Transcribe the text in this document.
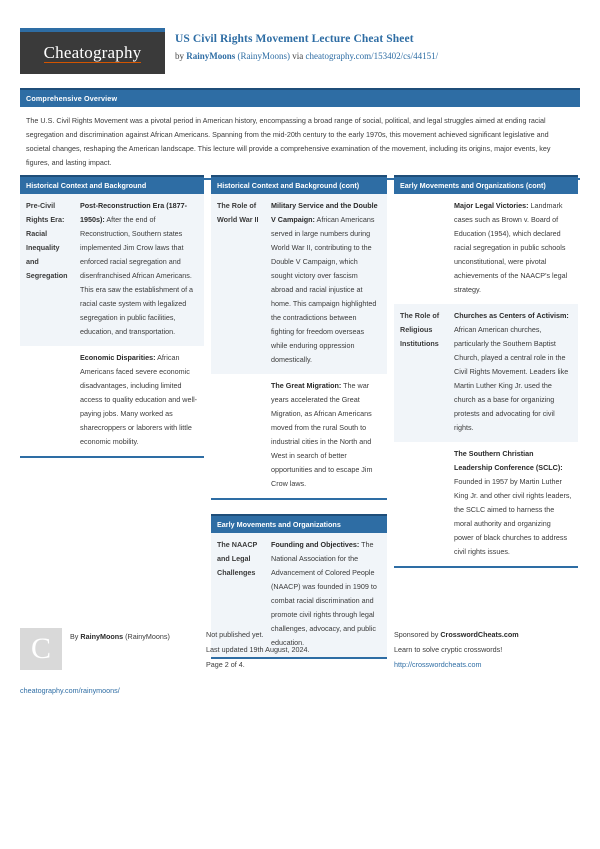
Cheatography
US Civil Rights Movement Lecture Cheat Sheet
by RainyMoons (RainyMoons) via cheatography.com/153402/cs/44151/
Comprehensive Overview
The U.S. Civil Rights Movement was a pivotal period in American history, encompassing a broad range of social, political, and legal struggles aimed at ending racial segregation and discrimination against African Americans. Spanning from the mid-20th century to the early 1970s, this movement achieved significant legislative and societal changes, reshaping the American landscape. This lecture will provide a comprehensive examination of the movement, including its origins, major events, key figures, and lasting impact.
Historical Context and Background
Pre-Civil Rights Era: Racial Inequality and Segregation
Post-Reconstruction Era (1877-1950s): After the end of Reconstruction, Southern states implemented Jim Crow laws that enforced racial segregation and disenfranchised African Americans. This era saw the establishment of a racial caste system with legalized segregation in public facilities, education, and transportation.
Economic Disparities: African Americans faced severe economic disadvantages, including limited access to quality education and well-paying jobs. Many worked as sharecroppers or laborers with little economic mobility.
Historical Context and Background (cont)
The Role of World War II
Military Service and the Double V Campaign: African Americans served in large numbers during World War II, contributing to the Double V Campaign, which sought victory over fascism abroad and racial injustice at home. This campaign highlighted the contradictions between fighting for freedom overseas while enduring oppression domestically.
The Great Migration: The war years accelerated the Great Migration, as African Americans moved from the rural South to industrial cities in the North and West in search of better opportunities and to escape Jim Crow laws.
Early Movements and Organizations
The NAACP and Legal Challenges
Founding and Objectives: The National Association for the Advancement of Colored People (NAACP) was founded in 1909 to combat racial discrimination and promote civil rights through legal challenges, advocacy, and public education.
Early Movements and Organizations (cont)
Major Legal Victories: Landmark cases such as Brown v. Board of Education (1954), which declared racial segregation in public schools unconstitutional, were pivotal achievements of the NAACP's legal strategy.
The Role of Religious Institutions
Churches as Centers of Activism: African American churches, particularly the Southern Baptist Church, played a central role in the Civil Rights Movement. Leaders like Martin Luther King Jr. used the church as a base for organizing protests and advocating for civil rights.
The Southern Christian Leadership Conference (SCLC): Founded in 1957 by Martin Luther King Jr. and other civil rights leaders, the SCLC aimed to harness the moral authority and organizing power of black churches to address civil rights issues.
C	By RainyMoons (RainyMoons)
cheatography.com/rainymoons/
Not published yet.
Last updated 19th August, 2024.
Page 2 of 4.
Sponsored by CrosswordCheats.com
Learn to solve cryptic crosswords!
http://crosswordcheats.com
